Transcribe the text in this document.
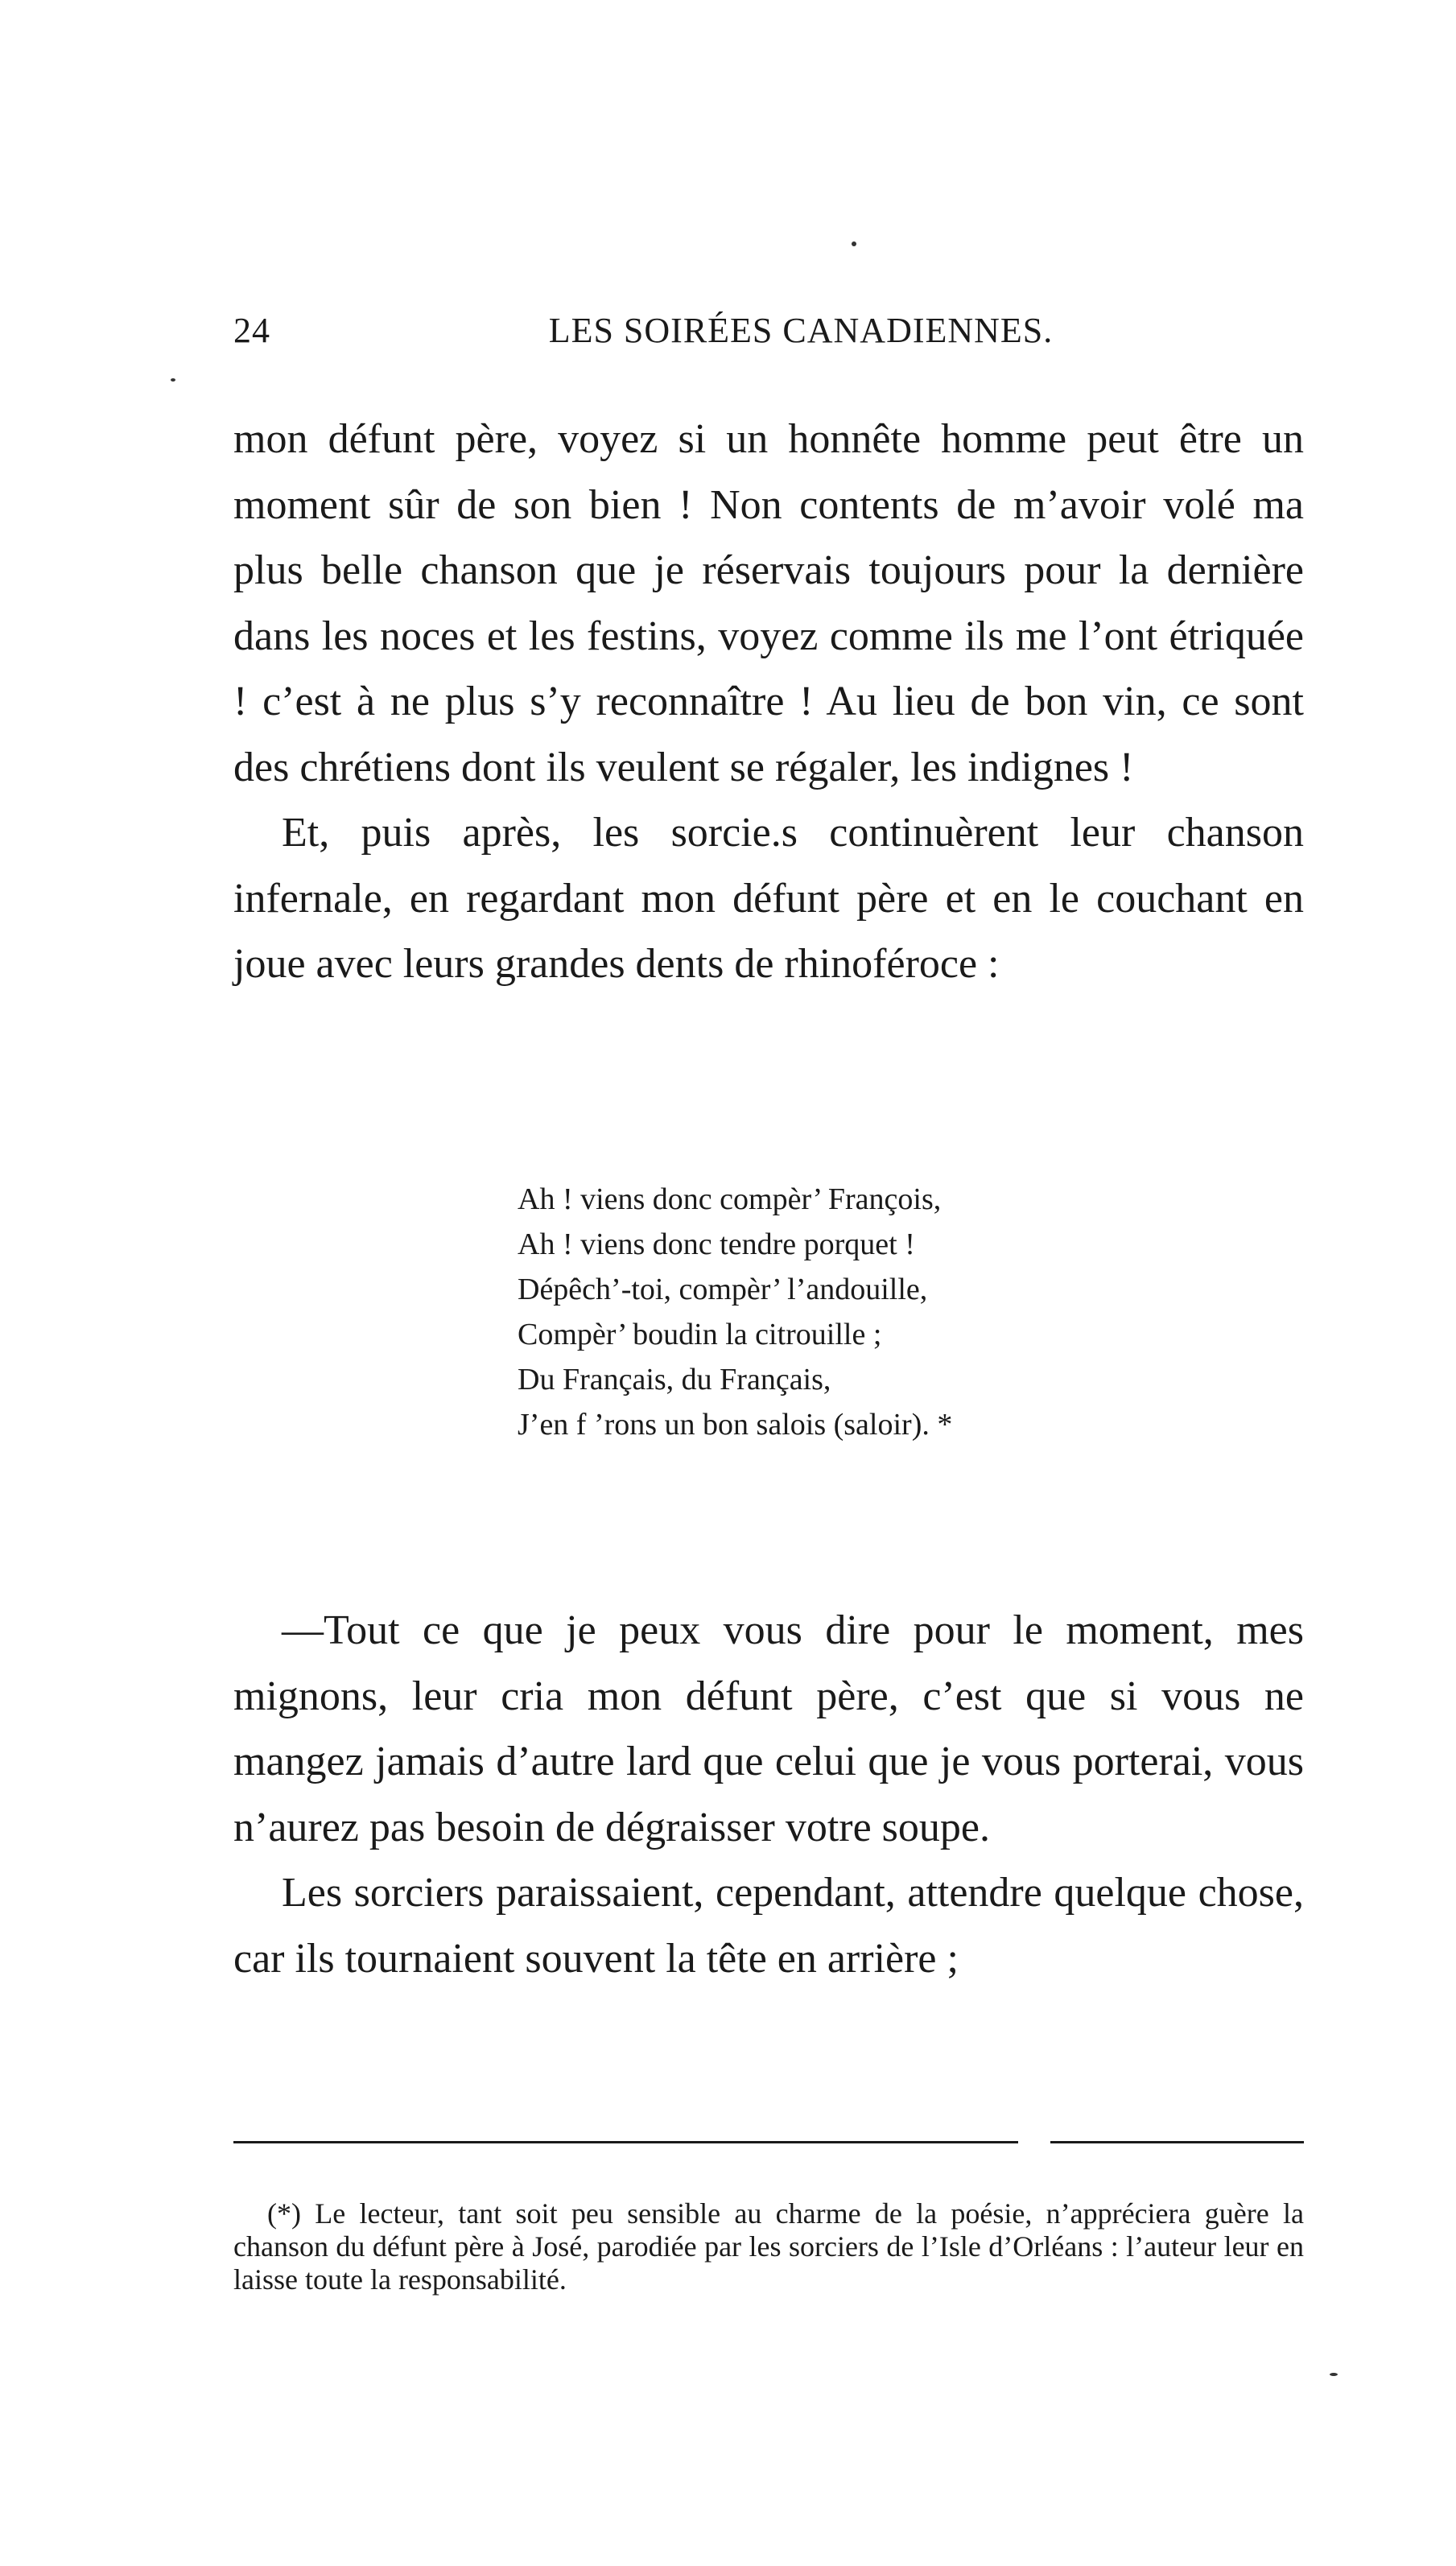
24	LES SOIRÉES CANADIENNES.

mon défunt père, voyez si un honnête homme peut être un moment sûr de son bien ! Non contents de m’avoir volé ma plus belle chanson que je réservais toujours pour la dernière dans les noces et les festins, voyez comme ils me l’ont étriquée ! c’est à ne plus s’y reconnaître ! Au lieu de bon vin, ce sont des chrétiens dont ils veulent se régaler, les indignes !

Et, puis après, les sorcie.s continuèrent leur chanson infernale, en regardant mon défunt père et en le couchant en joue avec leurs grandes dents de rhinoféroce :

Ah ! viens donc compèr’ François,
Ah ! viens donc tendre porquet !
Dépêch’-toi, compèr’ l’andouille,
Compèr’ boudin la citrouille ;
Du Français, du Français,
J’en f ’rons un bon salois (saloir). *

—Tout ce que je peux vous dire pour le moment, mes mignons, leur cria mon défunt père, c’est que si vous ne mangez jamais d’autre lard que celui que je vous porterai, vous n’aurez pas besoin de dégraisser votre soupe.

Les sorciers paraissaient, cependant, attendre quelque chose, car ils tournaient souvent la tête en arrière ;

(*) Le lecteur, tant soit peu sensible au charme de la poésie, n’appréciera guère la chanson du défunt père à José, parodiée par les sorciers de l’Isle d’Orléans : l’auteur leur en laisse toute la responsabilité.
